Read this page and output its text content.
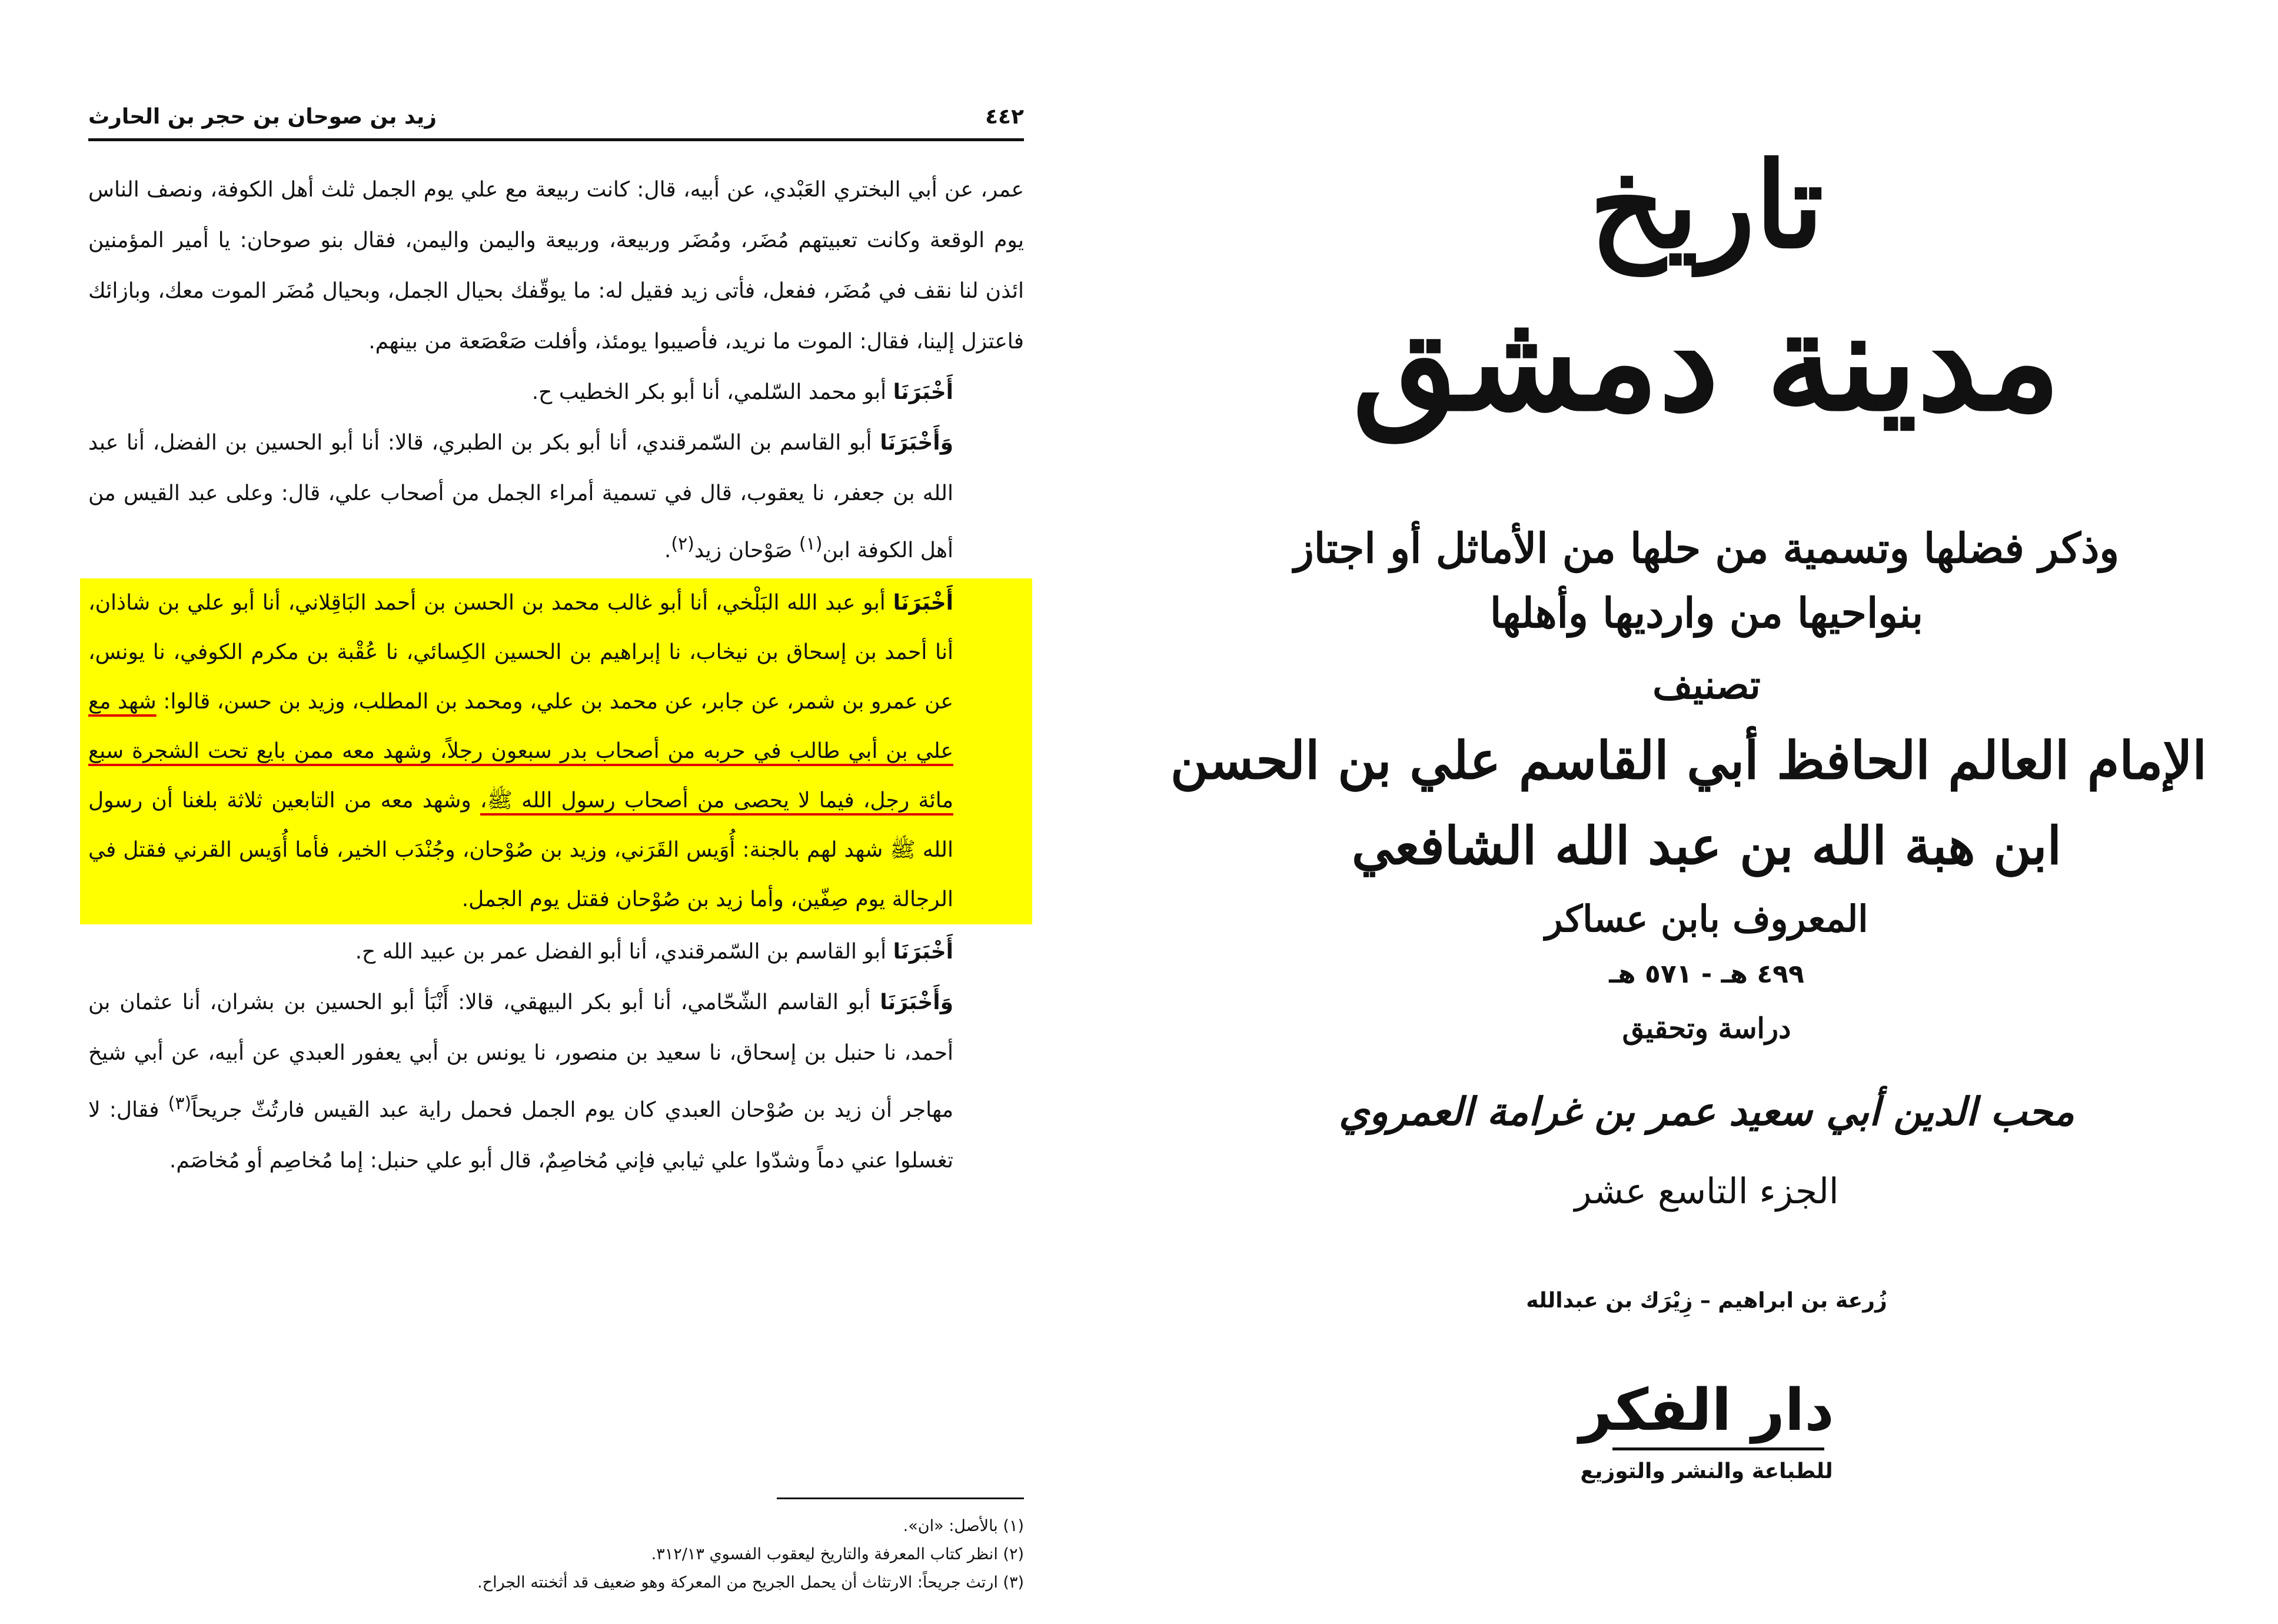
٤٤٢
زيد بن صوحان بن حجر بن الحارث

عمر، عن أبي البختري العَبْدي، عن أبيه، قال: كانت ربيعة مع علي يوم الجمل ثلث أهل الكوفة، ونصف الناس يوم الوقعة وكانت تعبيتهم مُضَر، ومُضَر وربيعة، وربيعة واليمن واليمن، فقال بنو صوحان: يا أمير المؤمنين ائذن لنا نقف في مُضَر، ففعل، فأتى زيد فقيل له: ما يوقّفك بحيال الجمل، وبحيال مُضَر الموت معك، وبازائك فاعتزل إلينا، فقال: الموت ما نريد، فأصيبوا يومئذ، وأفلت صَعْصَعة من بينهم.

أَخْبَرَنَا أبو محمد السّلمي، أنا أبو بكر الخطيب ح.

وَأَخْبَرَنَا أبو القاسم بن السّمرقندي، أنا أبو بكر بن الطبري، قالا: أنا أبو الحسين بن الفضل، أنا عبد الله بن جعفر، نا يعقوب، قال في تسمية أمراء الجمل من أصحاب علي، قال: وعلى عبد القيس من أهل الكوفة ابن$^{(١)}$ صَوْحان زيد$^{(٢)}$.

أَخْبَرَنَا أبو عبد الله البَلْخي، أنا أبو غالب محمد بن الحسن بن أحمد البَاقِلاني، أنا أبو علي بن شاذان، أنا أحمد بن إسحاق بن نيخاب، نا إبراهيم بن الحسين الكِسائي، نا عُقْبة بن مكرم الكوفي، نا يونس، عن عمرو بن شمر، عن جابر، عن محمد بن علي، ومحمد بن المطلب، وزيد بن حسن، قالوا: شهد مع علي بن أبي طالب في حربه من أصحاب بدر سبعون رجلاً، وشهد معه ممن بايع تحت الشجرة سبع مائة رجل، فيما لا يحصى من أصحاب رسول الله ﷺ، وشهد معه من التابعين ثلاثة بلغنا أن رسول الله ﷺ شهد لهم بالجنة: أُوَيس القَرَني، وزيد بن صُوْحان، وجُنْدَب الخير، فأما أُوَيس القرني فقتل في الرجالة يوم صِفّين، وأما زيد بن صُوْحان فقتل يوم الجمل.

أَخْبَرَنَا أبو القاسم بن السّمرقندي، أنا أبو الفضل عمر بن عبيد الله ح.

وَأَخْبَرَنَا أبو القاسم الشّحّامي، أنا أبو بكر البيهقي، قالا: أَنْبَأ أبو الحسين بن بشران، أنا عثمان بن أحمد، نا حنبل بن إسحاق، نا سعيد بن منصور، نا يونس بن أبي يعفور العبدي عن أبيه، عن أبي شيخ مهاجر أن زيد بن صُوْحان العبدي كان يوم الجمل فحمل راية عبد القيس فارتُثّ جريحاً$^{(٣)}$ فقال: لا تغسلوا عني دماً وشدّوا علي ثيابي فإني مُخاصِمٌ، قال أبو علي حنبل: إما مُخاصِم أو مُخاصَم.

(١) بالأصل: «ان».
(٢) انظر كتاب المعرفة والتاريخ ليعقوب الفسوي ٣١٢/١٣.
(٣) ارتث جريحاً: الارتثاث أن يحمل الجريح من المعركة وهو ضعيف قد أثخنته الجراح.
تاريخ
مدينة دمشق
وذكر فضلها وتسمية من حلها من الأماثل أو اجتاز
بنواحيها من وارديها وأهلها
تصنيف
الإمام العالم الحافظ أبي القاسم علي بن الحسن
ابن هبة الله بن عبد الله الشافعي
المعروف بابن عساكر
٤٩٩ هـ - ٥٧١ هـ
دراسة وتحقيق
محب الدين أبي سعيد عمر بن غرامة العمروي
الجزء التاسع عشر
زُرعة بن ابراهيم – زِيْرَك بن عبدالله
دار الفكر
للطباعة والنشر والتوزيع
